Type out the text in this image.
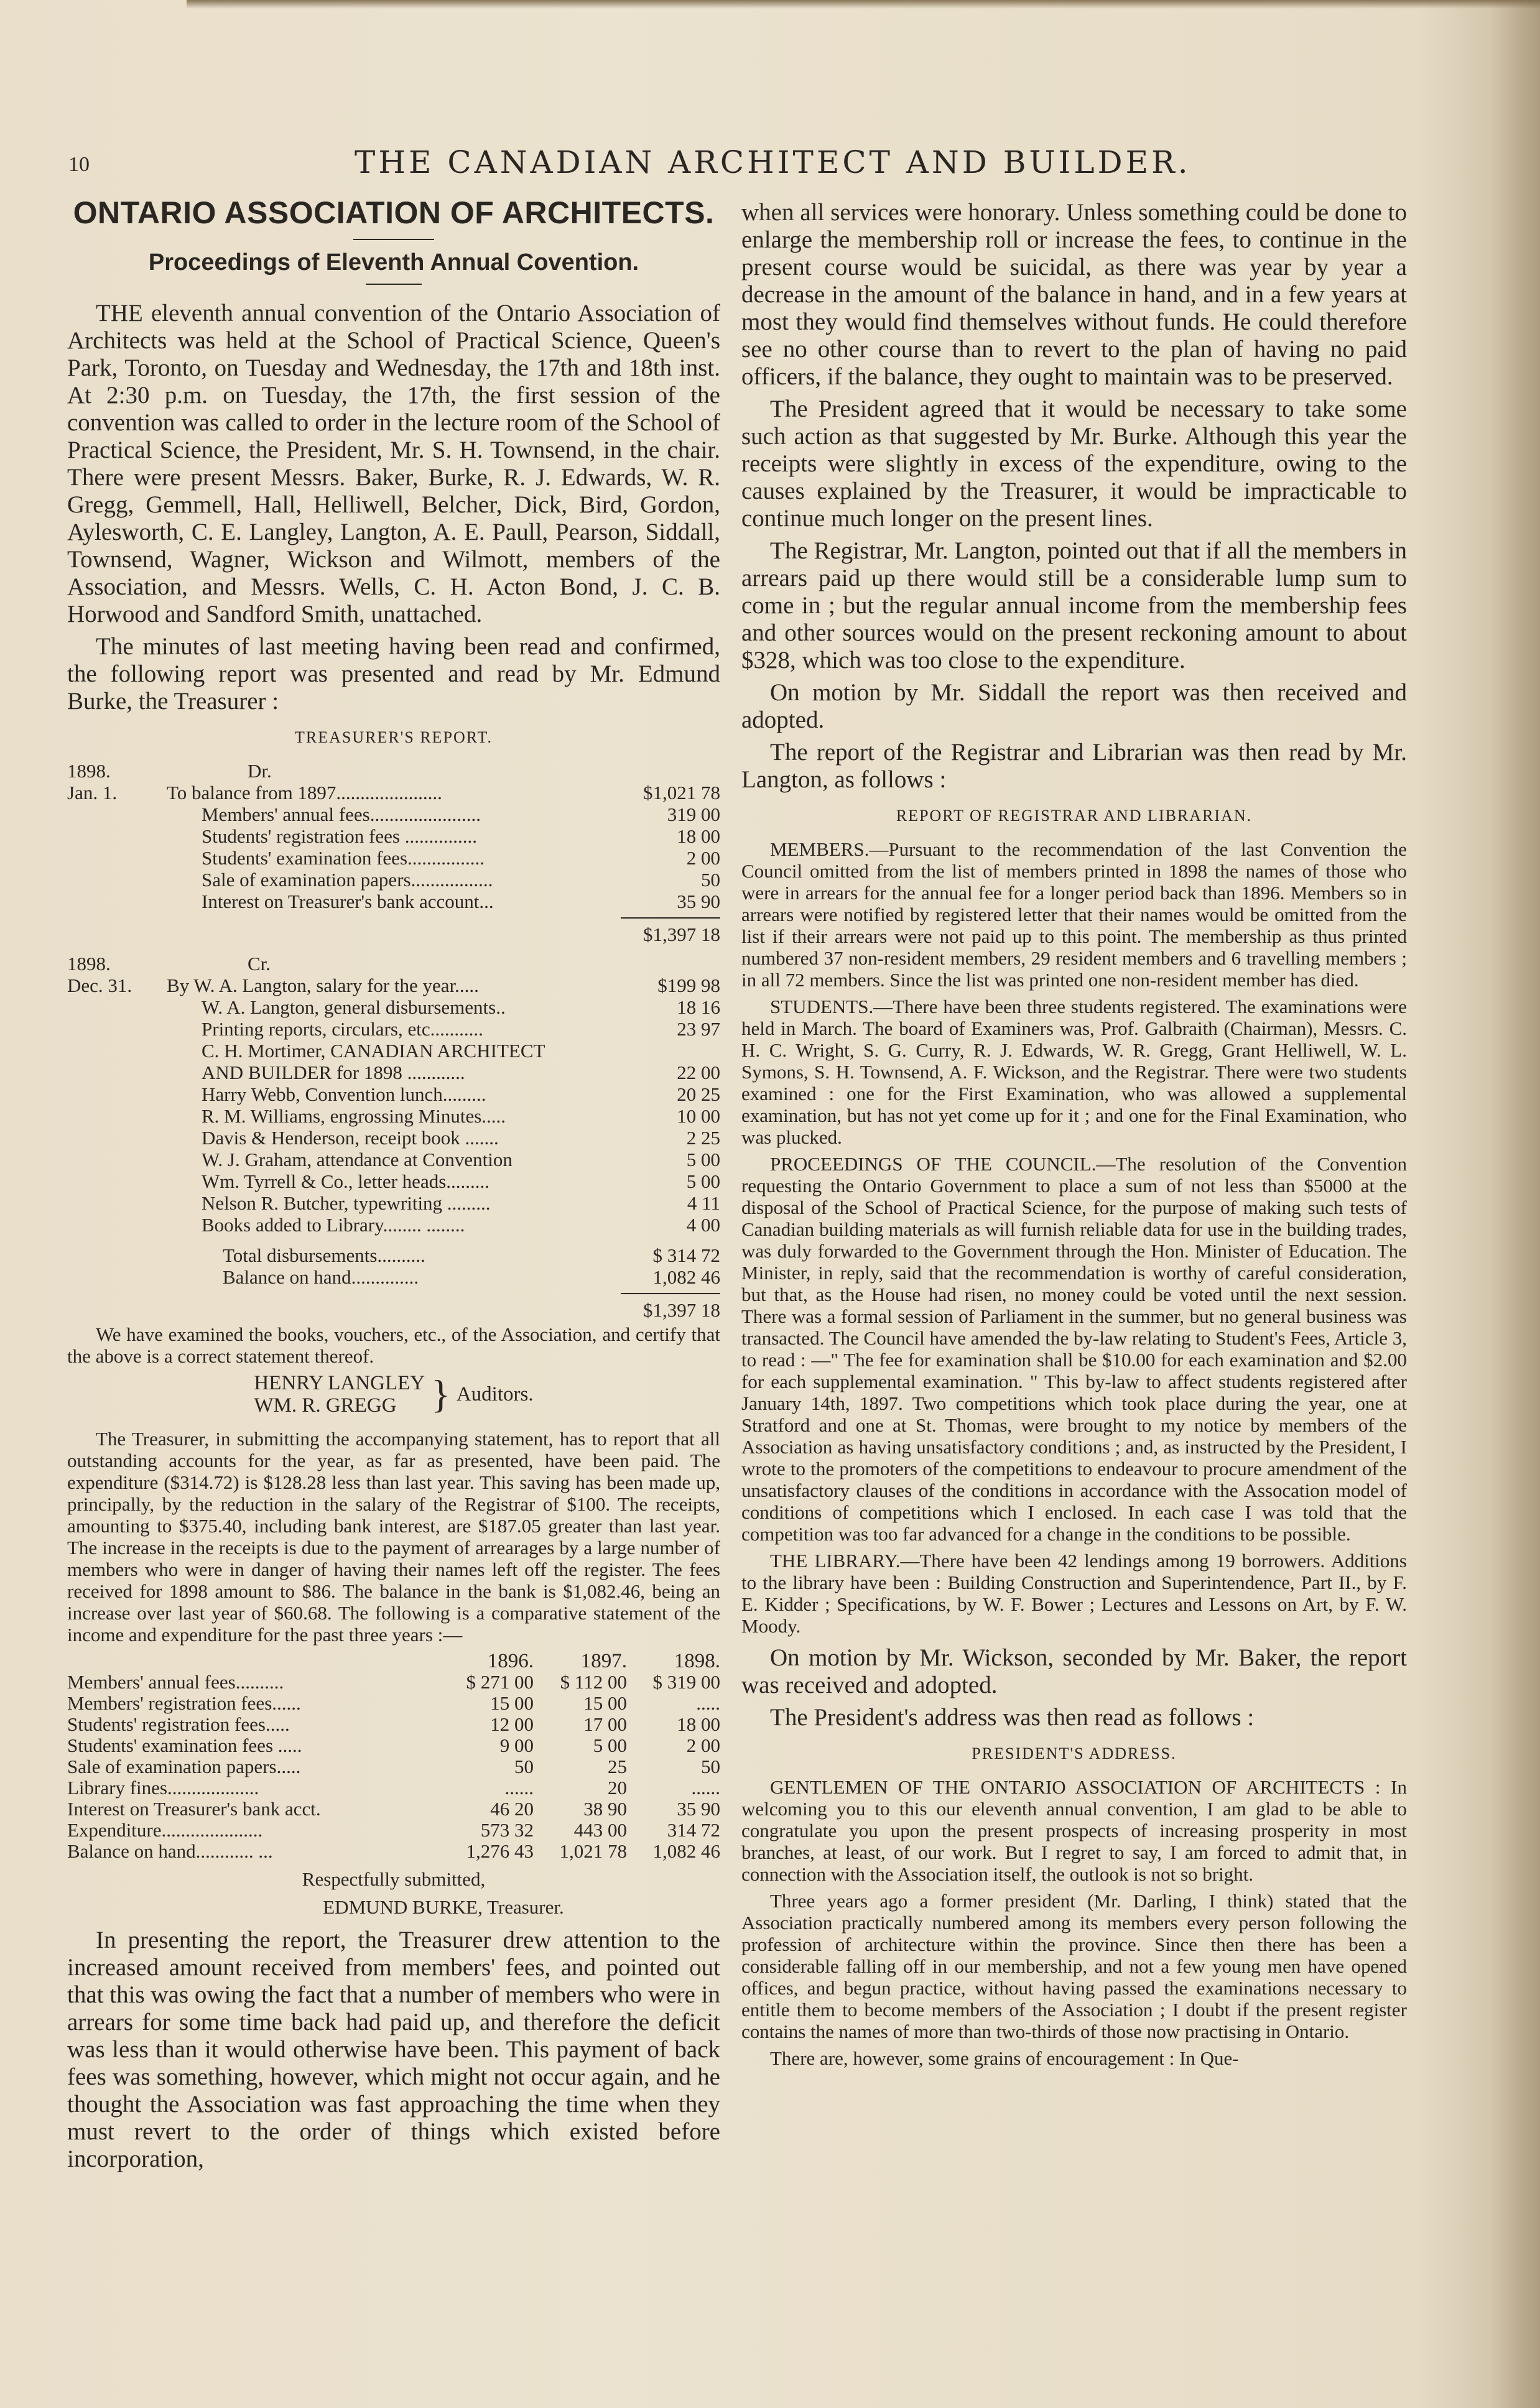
10	THE CANADIAN ARCHITECT AND BUILDER.
ONTARIO ASSOCIATION OF ARCHITECTS.
Proceedings of Eleventh Annual Covention.

THE eleventh annual convention of the Ontario Association of Architects was held at the School of Practical Science, Queen's Park, Toronto, on Tuesday and Wednesday, the 17th and 18th inst. At 2:30 p.m. on Tuesday, the 17th, the first session of the convention was called to order in the lecture room of the School of Practical Science, the President, Mr. S. H. Townsend, in the chair. There were present Messrs. Baker, Burke, R. J. Edwards, W. R. Gregg, Gemmell, Hall, Helliwell, Belcher, Dick, Bird, Gordon, Aylesworth, C. E. Langley, Langton, A. E. Paull, Pearson, Siddall, Townsend, Wagner, Wickson and Wilmott, members of the Association, and Messrs. Wells, C. H. Acton Bond, J. C. B. Horwood and Sandford Smith, unattached.

The minutes of last meeting having been read and confirmed, the following report was presented and read by Mr. Edmund Burke, the Treasurer :

TREASURER'S REPORT.
1898.	Dr.
Jan. 1.	To balance from 1897......................	$1,021 78
Members' annual fees.......................	319 00
Students' registration fees ...............	18 00
Students' examination fees................	2 00
Sale of examination papers.................	50
Interest on Treasurer's bank account...	35 90
$1,397 18
1898.	Cr.
Dec. 31.	By W. A. Langton, salary for the year.....	$199 98
W. A. Langton, general disbursements..	18 16
Printing reports, circulars, etc...........	23 97
C. H. Mortimer, CANADIAN ARCHITECT
AND BUILDER for 1898 ............	22 00
Harry Webb, Convention lunch.........	20 25
R. M. Williams, engrossing Minutes.....	10 00
Davis & Henderson, receipt book .......	2 25
W. J. Graham, attendance at Convention	5 00
Wm. Tyrrell & Co., letter heads.........	5 00
Nelson R. Butcher, typewriting .........	4 11
Books added to Library........ ........	4 00
Total disbursements..........	$ 314 72
Balance on hand..............	1,082 46
$1,397 18

We have examined the books, vouchers, etc., of the Association, and certify that the above is a correct statement thereof.

HENRY LANGLEY
WM. R. GREGG } Auditors.

The Treasurer, in submitting the accompanying statement, has to report that all outstanding accounts for the year, as far as presented, have been paid. The expenditure ($314.72) is $128.28 less than last year. This saving has been made up, principally, by the reduction in the salary of the Registrar of $100. The receipts, amounting to $375.40, including bank interest, are $187.05 greater than last year. The increase in the receipts is due to the payment of arrearages by a large number of members who were in danger of having their names left off the register. The fees received for 1898 amount to $86. The balance in the bank is $1,082.46, being an increase over last year of $60.68. The following is a comparative statement of the income and expenditure for the past three years :—

	1896.	1897.	1898.
Members' annual fees..........	$ 271 00	$ 112 00	$ 319 00
Members' registration fees......	15 00	15 00	.....
Students' registration fees.....	12 00	17 00	18 00
Students' examination fees .....	9 00	5 00	2 00
Sale of examination papers.....	50	25	50
Library fines...................	......	20	......
Interest on Treasurer's bank acct.	46 20	38 90	35 90
Expenditure.....................	573 32	443 00	314 72
Balance on hand............ ...	1,276 43	1,021 78	1,082 46
Respectfully submitted,
EDMUND BURKE, Treasurer.

In presenting the report, the Treasurer drew attention to the increased amount received from members' fees, and pointed out that this was owing the fact that a number of members who were in arrears for some time back had paid up, and therefore the deficit was less than it would otherwise have been. This payment of back fees was something, however, which might not occur again, and he thought the Association was fast approaching the time when they must revert to the order of things which existed before incorporation,

when all services were honorary. Unless something could be done to enlarge the membership roll or increase the fees, to continue in the present course would be suicidal, as there was year by year a decrease in the amount of the balance in hand, and in a few years at most they would find themselves without funds. He could therefore see no other course than to revert to the plan of having no paid officers, if the balance, they ought to maintain was to be preserved.

The President agreed that it would be necessary to take some such action as that suggested by Mr. Burke. Although this year the receipts were slightly in excess of the expenditure, owing to the causes explained by the Treasurer, it would be impracticable to continue much longer on the present lines.

The Registrar, Mr. Langton, pointed out that if all the members in arrears paid up there would still be a considerable lump sum to come in ; but the regular annual income from the membership fees and other sources would on the present reckoning amount to about $328, which was too close to the expenditure.

On motion by Mr. Siddall the report was then received and adopted.

The report of the Registrar and Librarian was then read by Mr. Langton, as follows :

REPORT OF REGISTRAR AND LIBRARIAN.

MEMBERS.—Pursuant to the recommendation of the last Convention the Council omitted from the list of members printed in 1898 the names of those who were in arrears for the annual fee for a longer period back than 1896. Members so in arrears were notified by registered letter that their names would be omitted from the list if their arrears were not paid up to this point. The membership as thus printed numbered 37 non-resident members, 29 resident members and 6 travelling members ; in all 72 members. Since the list was printed one non-resident member has died.

STUDENTS.—There have been three students registered. The examinations were held in March. The board of Examiners was, Prof. Galbraith (Chairman), Messrs. C. H. C. Wright, S. G. Curry, R. J. Edwards, W. R. Gregg, Grant Helliwell, W. L. Symons, S. H. Townsend, A. F. Wickson, and the Registrar. There were two students examined : one for the First Examination, who was allowed a supplemental examination, but has not yet come up for it ; and one for the Final Examination, who was plucked.

PROCEEDINGS OF THE COUNCIL.—The resolution of the Convention requesting the Ontario Government to place a sum of not less than $5000 at the disposal of the School of Practical Science, for the purpose of making such tests of Canadian building materials as will furnish reliable data for use in the building trades, was duly forwarded to the Government through the Hon. Minister of Education. The Minister, in reply, said that the recommendation is worthy of careful consideration, but that, as the House had risen, no money could be voted until the next session. There was a formal session of Parliament in the summer, but no general business was transacted. The Council have amended the by-law relating to Student's Fees, Article 3, to read : —" The fee for examination shall be $10.00 for each examination and $2.00 for each supplemental examination. " This by-law to affect students registered after January 14th, 1897. Two competitions which took place during the year, one at Stratford and one at St. Thomas, were brought to my notice by members of the Association as having unsatisfactory conditions ; and, as instructed by the President, I wrote to the promoters of the competitions to endeavour to procure amendment of the unsatisfactory clauses of the conditions in accordance with the Assocation model of conditions of competitions which I enclosed. In each case I was told that the competition was too far advanced for a change in the conditions to be possible.

THE LIBRARY.—There have been 42 lendings among 19 borrowers. Additions to the library have been : Building Construction and Superintendence, Part II., by F. E. Kidder ; Specifications, by W. F. Bower ; Lectures and Lessons on Art, by F. W. Moody.

On motion by Mr. Wickson, seconded by Mr. Baker, the report was received and adopted.

The President's address was then read as follows :

PRESIDENT'S ADDRESS.

GENTLEMEN OF THE ONTARIO ASSOCIATION OF ARCHITECTS : In welcoming you to this our eleventh annual convention, I am glad to be able to congratulate you upon the present prospects of increasing prosperity in most branches, at least, of our work. But I regret to say, I am forced to admit that, in connection with the Association itself, the outlook is not so bright.

Three years ago a former president (Mr. Darling, I think) stated that the Association practically numbered among its members every person following the profession of architecture within the province. Since then there has been a considerable falling off in our membership, and not a few young men have opened offices, and begun practice, without having passed the examinations necessary to entitle them to become members of the Association ; I doubt if the present register contains the names of more than two-thirds of those now practising in Ontario.

There are, however, some grains of encouragement : In Que-
